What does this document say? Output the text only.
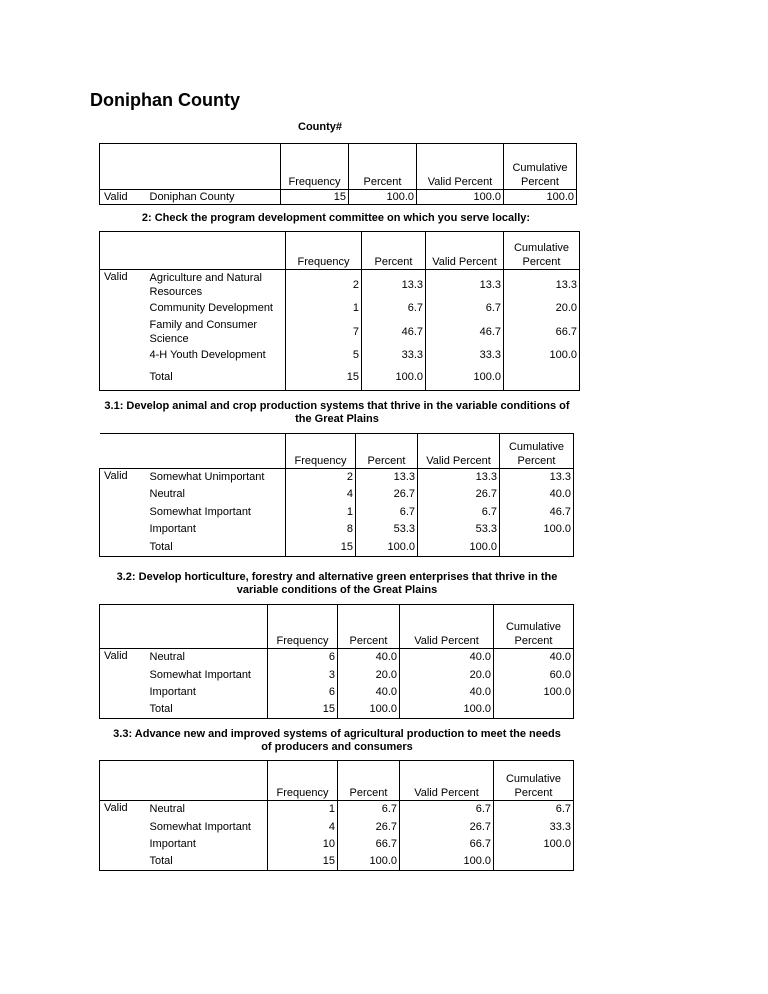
Doniphan County
County#
		Frequency	Percent	Valid Percent	Cumulative Percent
Valid	Doniphan County	15	100.0	100.0	100.0
2: Check the program development committee on which you serve locally:
		Frequency	Percent	Valid Percent	Cumulative Percent
Valid	Agriculture and Natural Resources	2	13.3	13.3	13.3
	Community Development	1	6.7	6.7	20.0
	Family and Consumer Science	7	46.7	46.7	66.7
	4-H Youth Development	5	33.3	33.3	100.0
	Total	15	100.0	100.0	
3.1: Develop animal and crop production systems that thrive in the variable conditions of
the Great Plains
		Frequency	Percent	Valid Percent	Cumulative Percent
Valid	Somewhat Unimportant	2	13.3	13.3	13.3
	Neutral	4	26.7	26.7	40.0
	Somewhat Important	1	6.7	6.7	46.7
	Important	8	53.3	53.3	100.0
	Total	15	100.0	100.0	
3.2: Develop horticulture, forestry and alternative green enterprises that thrive in the
variable conditions of the Great Plains
		Frequency	Percent	Valid Percent	Cumulative Percent
Valid	Neutral	6	40.0	40.0	40.0
	Somewhat Important	3	20.0	20.0	60.0
	Important	6	40.0	40.0	100.0
	Total	15	100.0	100.0	
3.3: Advance new and improved systems of agricultural production to meet the needs
of producers and consumers
		Frequency	Percent	Valid Percent	Cumulative Percent
Valid	Neutral	1	6.7	6.7	6.7
	Somewhat Important	4	26.7	26.7	33.3
	Important	10	66.7	66.7	100.0
	Total	15	100.0	100.0	
